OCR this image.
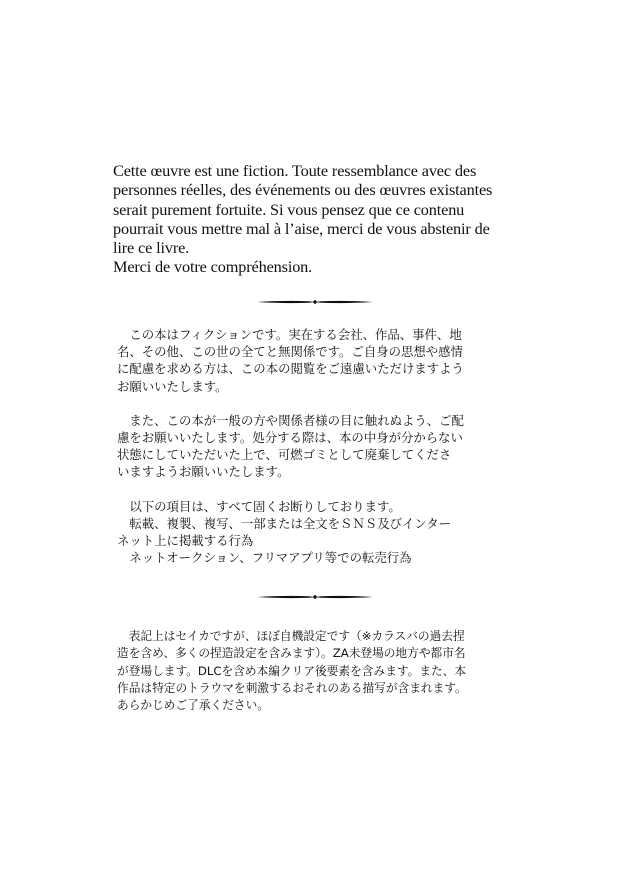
Cette œuvre est une fiction. Toute ressemblance avec des
personnes réelles, des événements ou des œuvres existantes
serait purement fortuite. Si vous pensez que ce contenu
pourrait vous mettre mal à l’aise, merci de vous abstenir de
lire ce livre.
Merci de votre compréhension.
　この本はフィクションです。実在する会社、作品、事件、地
名、その他、この世の全てと無関係です。ご自身の思想や感情
に配慮を求める方は、この本の閲覧をご遠慮いただけますよう
お願いいたします。
　また、この本が一般の方や関係者様の目に触れぬよう、ご配
慮をお願いいたします。処分する際は、本の中身が分からない
状態にしていただいた上で、可燃ゴミとして廃棄してくださ
いますようお願いいたします。
　以下の項目は、すべて固くお断りしております。
　転載、複製、複写、一部または全文をＳＮＳ及びインター
ネット上に掲載する行為
　ネットオークション、フリマアプリ等での転売行為
　表記上はセイカですが、ほぼ自機設定です（※カラスバの過去捏
造を含め、多くの捏造設定を含みます）。ZA未登場の地方や都市名
が登場します。DLCを含め本編クリア後要素を含みます。また、本
作品は特定のトラウマを刺激するおそれのある描写が含まれます。
あらかじめご了承ください。
